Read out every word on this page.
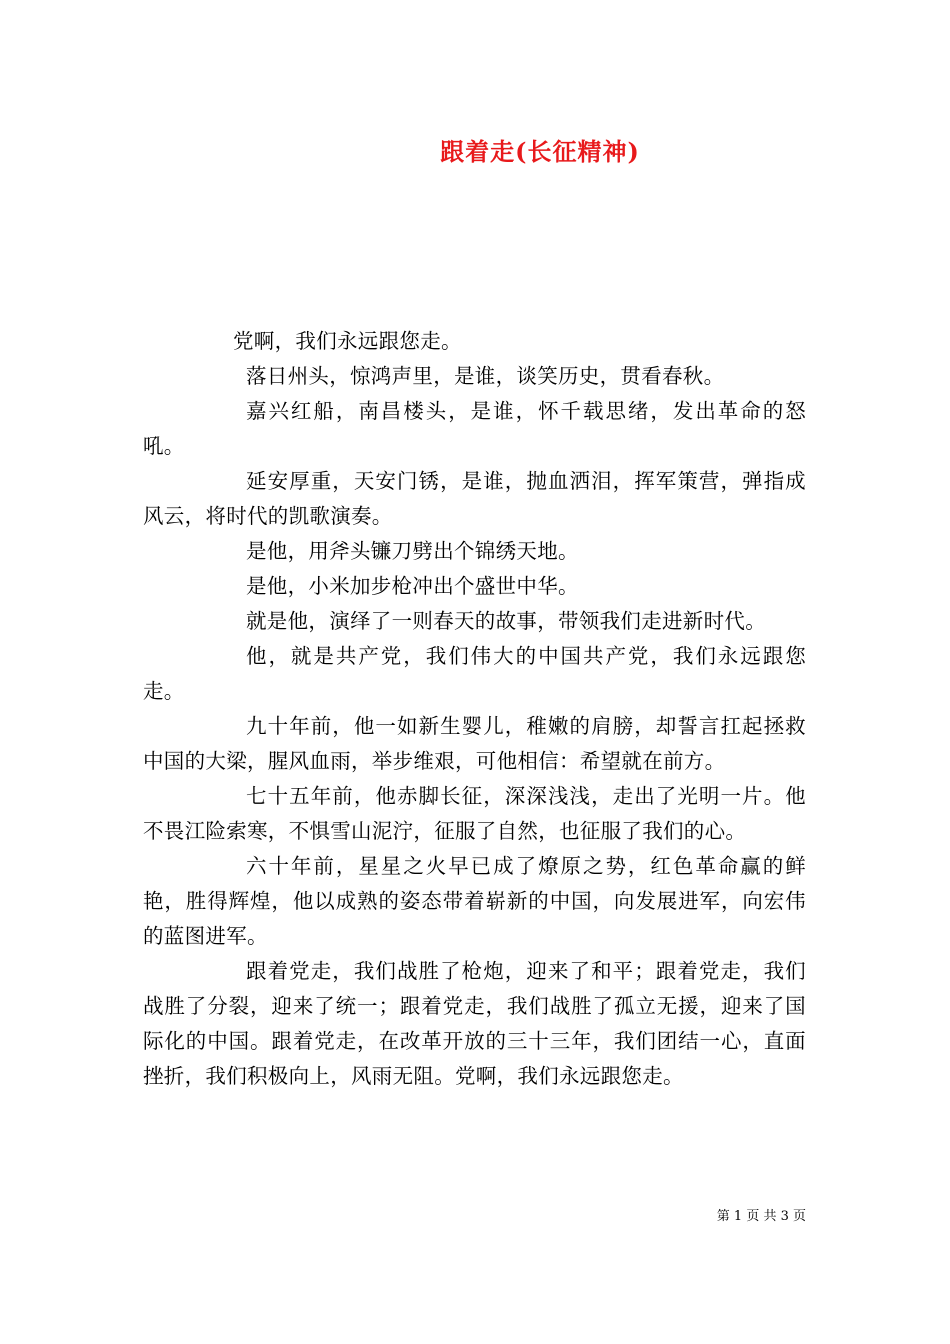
跟着走(长征精神)

党啊，我们永远跟您走。

落日州头，惊鸿声里，是谁，谈笑历史，贯看春秋。

嘉兴红船，南昌楼头，是谁，怀千载思绪，发出革命的怒吼。

延安厚重，天安门锈，是谁，抛血洒泪，挥军策营，弹指成风云，将时代的凯歌演奏。

是他，用斧头镰刀劈出个锦绣天地。

是他，小米加步枪冲出个盛世中华。

就是他，演绎了一则春天的故事，带领我们走进新时代。

他，就是共产党，我们伟大的中国共产党，我们永远跟您走。

九十年前，他一如新生婴儿，稚嫩的肩膀，却誓言扛起拯救中国的大梁，腥风血雨，举步维艰，可他相信：希望就在前方。

七十五年前，他赤脚长征，深深浅浅，走出了光明一片。他不畏江险索寒，不惧雪山泥泞，征服了自然，也征服了我们的心。

六十年前，星星之火早已成了燎原之势，红色革命赢的鲜艳，胜得辉煌，他以成熟的姿态带着崭新的中国，向发展进军，向宏伟的蓝图进军。

跟着党走，我们战胜了枪炮，迎来了和平；跟着党走，我们战胜了分裂，迎来了统一；跟着党走，我们战胜了孤立无援，迎来了国际化的中国。跟着党走，在改革开放的三十三年，我们团结一心，直面挫折，我们积极向上，风雨无阻。党啊，我们永远跟您走。

第 1 页 共 3 页
